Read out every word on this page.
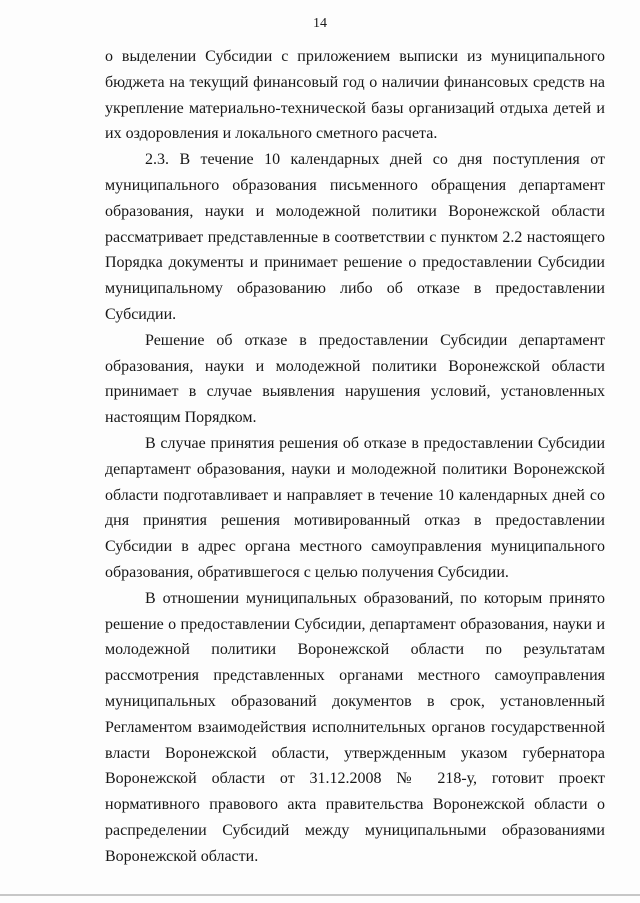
14

о выделении Субсидии с приложением выписки из муниципального бюджета на текущий финансовый год о наличии финансовых средств на укрепление материально-технической базы организаций отдыха детей и их оздоровления и локального сметного расчета.

2.3. В течение 10 календарных дней со дня поступления от муниципального образования письменного обращения департамент образования, науки и молодежной политики Воронежской области рассматривает представленные в соответствии с пунктом 2.2 настоящего Порядка документы и принимает решение о предоставлении Субсидии муниципальному образованию либо об отказе в предоставлении Субсидии.

Решение об отказе в предоставлении Субсидии департамент образования, науки и молодежной политики Воронежской области принимает в случае выявления нарушения условий, установленных настоящим Порядком.

В случае принятия решения об отказе в предоставлении Субсидии департамент образования, науки и молодежной политики Воронежской области подготавливает и направляет в течение 10 календарных дней со дня принятия решения мотивированный отказ в предоставлении Субсидии в адрес органа местного самоуправления муниципального образования, обратившегося с целью получения Субсидии.

В отношении муниципальных образований, по которым принято решение о предоставлении Субсидии, департамент образования, науки и молодежной политики Воронежской области по результатам рассмотрения представленных органами местного самоуправления муниципальных образований документов в срок, установленный Регламентом взаимодействия исполнительных органов государственной власти Воронежской области, утвержденным указом губернатора Воронежской области от 31.12.2008 № 218-у, готовит проект нормативного правового акта правительства Воронежской области о распределении Субсидий между муниципальными образованиями Воронежской области.
